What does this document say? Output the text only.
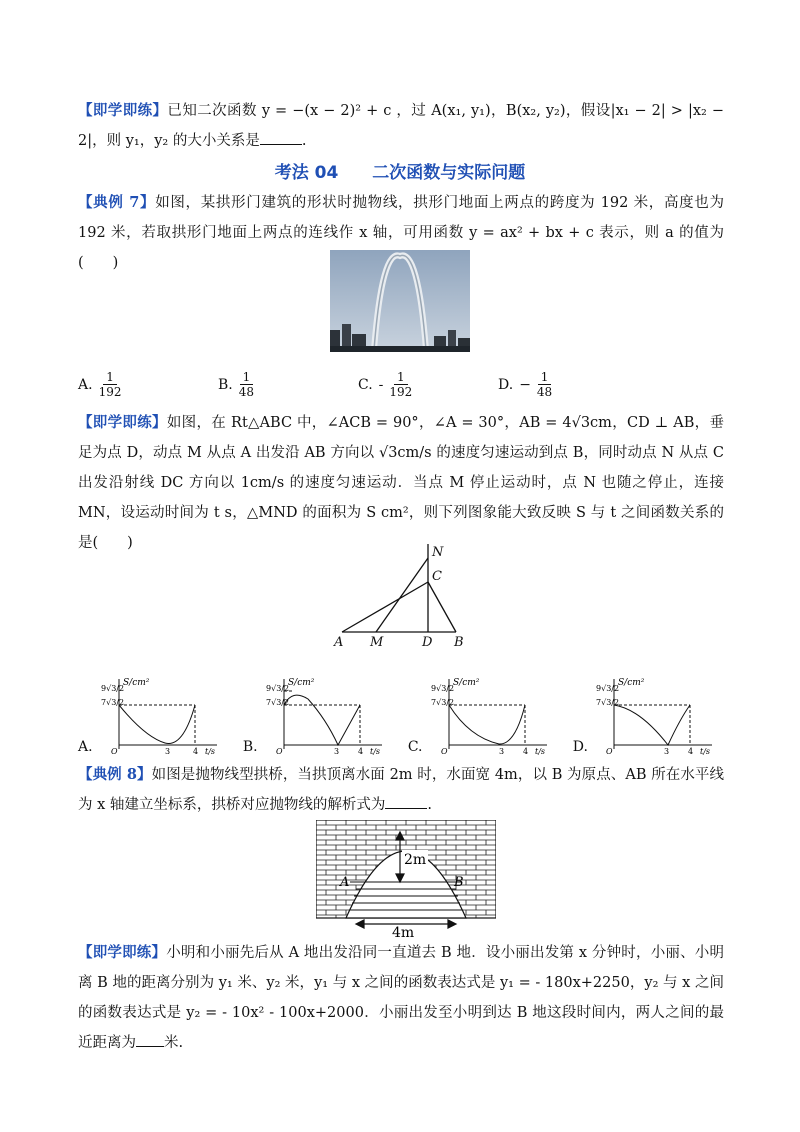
【即学即练】已知二次函数 y = −(x − 2)² + c ，过 A(x₁, y₁)，B(x₂, y₂)，假设|x₁ − 2| > |x₂ − 2|，则 y₁，y₂ 的大小关系是	.
考法 04　　二次函数与实际问题
【典例 7】如图，某拱形门建筑的形状时抛物线，拱形门地面上两点的跨度为 192 米，高度也为 192 米，若取拱形门地面上两点的连线作 x 轴，可用函数 y = ax² + bx + c 表示，则 a 的值为(　　)
A. $\frac{1}{192}$	B. $\frac{1}{48}$	C. - $\frac{1}{192}$	D. − $\frac{1}{48}$
【即学即练】如图，在 Rt△ABC 中，∠ACB = 90°，∠A = 30°，AB = 4√3cm，CD ⊥ AB，垂足为点 D，动点 M 从点 A 出发沿 AB 方向以 √3cm/s 的速度匀速运动到点 B，同时动点 N 从点 C 出发沿射线 DC 方向以 1cm/s 的速度匀速运动．当点 M 停止运动时，点 N 也随之停止，连接 MN，设运动时间为 t s，△MND 的面积为 S cm²，则下列图象能大致反映 S 与 t 之间函数关系的是(　　)
A M	D B
N
C
A.
S/cm²
9√3/2
7√3/2
O	3	4 t/s B.
S/cm²
9√3/2
7√3/2
O	3 4 t/s C.
S/cm²
9√3/2
7√3/2
O	3 4 t/s D.
S/cm²
9√3/2
7√3/2
O	3 4 t/s
【典例 8】如图是抛物线型拱桥，当拱顶离水面 2m 时，水面宽 4m，以 B 为原点、AB 所在水平线为 x 轴建立坐标系，拱桥对应抛物线的解析式为	.
2m
4m
A	B
【即学即练】小明和小丽先后从 A 地出发沿同一直道去 B 地．设小丽出发第 x 分钟时，小丽、小明离 B 地的距离分别为 y₁ 米、y₂ 米，y₁ 与 x 之间的函数表达式是 y₁ = - 180x+2250，y₂ 与 x 之间的函数表达式是 y₂ = - 10x² - 100x+2000．小丽出发至小明到达 B 地这段时间内，两人之间的最近距离为 米.
